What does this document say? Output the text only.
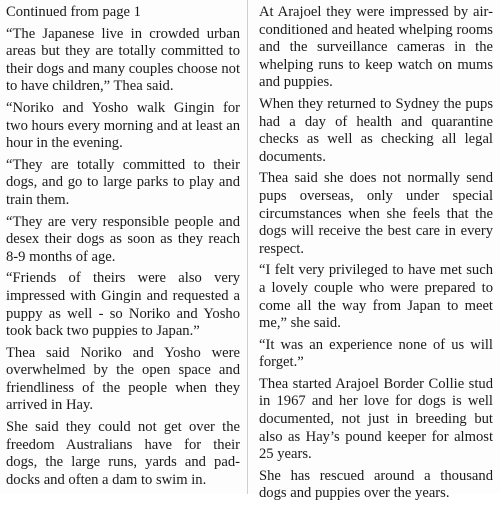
Continued from page 1

“The Japanese live in crowded urban areas but they are totally committed to their dogs and many couples choose not to have children,” Thea said.

“Noriko and Yosho walk Gingin for two hours every morning and at least an hour in the evening.

“They are totally committed to their dogs, and go to large parks to play and train them.

“They are very responsible people and desex their dogs as soon as they reach 8-9 months of age.

“Friends of theirs were also very impressed with Gingin and requested a puppy as well - so Noriko and Yosho took back two puppies to Japan.”

Thea said Noriko and Yosho were overwhelmed by the open space and friendliness of the people when they arrived in Hay.

She said they could not get over the freedom Australians have for their dogs, the large runs, yards and paddocks and often a dam to swim in.

At Arajoel they were impressed by air-conditioned and heated whelping rooms and the surveillance cameras in the whelping runs to keep watch on mums and puppies.

When they returned to Sydney the pups had a day of health and quarantine checks as well as checking all legal documents.

Thea said she does not normally send pups overseas, only under special circumstances when she feels that the dogs will receive the best care in every respect.

“I felt very privileged to have met such a lovely couple who were prepared to come all the way from Japan to meet me,” she said.

“It was an experience none of us will forget.”

Thea started Arajoel Border Collie stud in 1967 and her love for dogs is well documented, not just in breeding but also as Hay’s pound keeper for almost 25 years.

She has rescued around a thousand dogs and puppies over the years.
